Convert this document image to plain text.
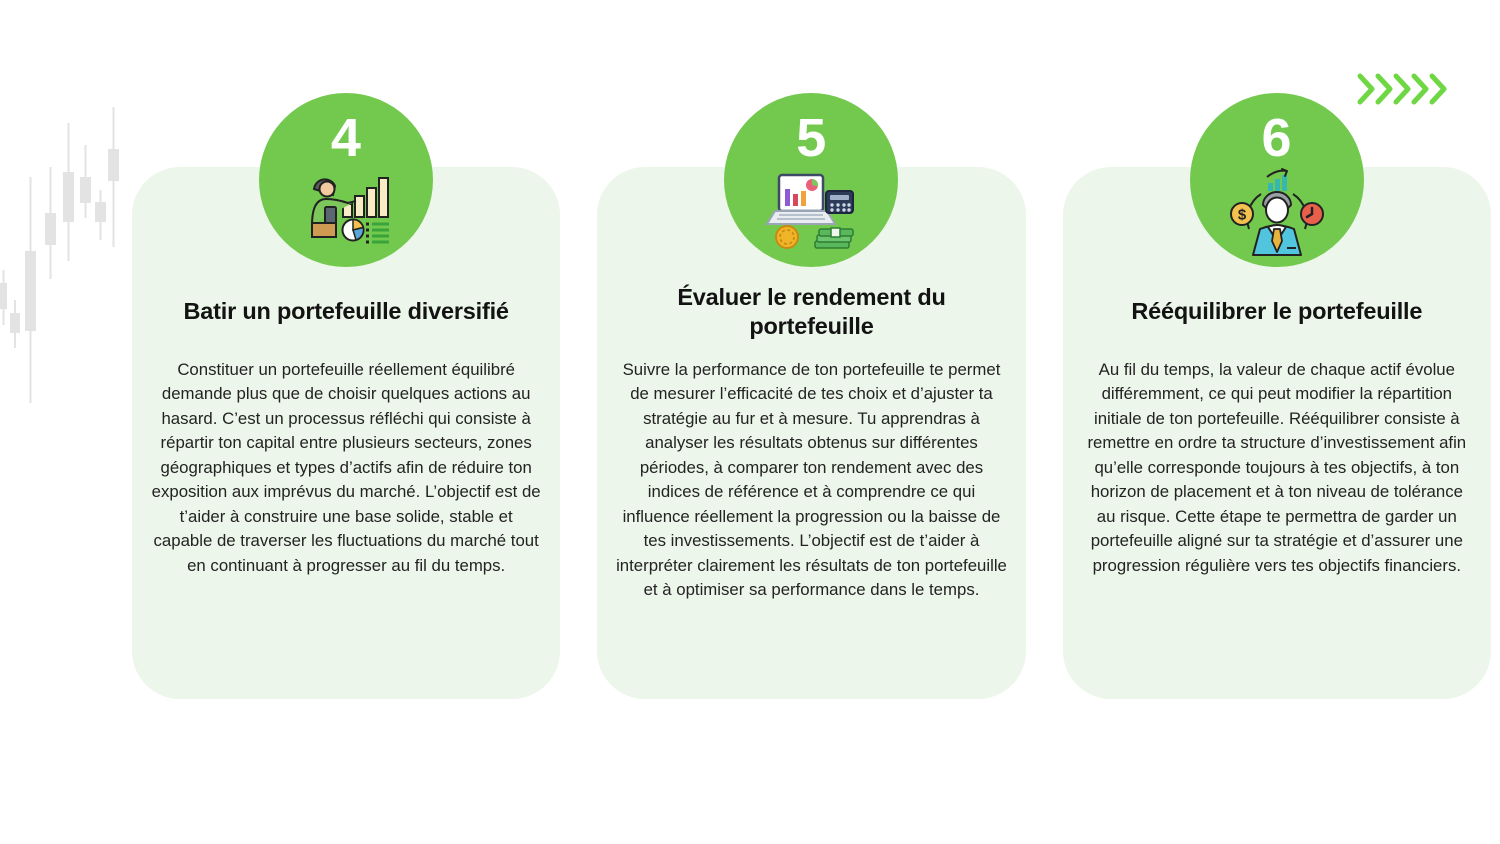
4
Batir un portefeuille diversifié

Constituer un portefeuille réellement équilibré demande plus que de choisir quelques actions au hasard. C’est un processus réfléchi qui consiste à répartir ton capital entre plusieurs secteurs, zones géographiques et types d’actifs afin de réduire ton exposition aux imprévus du marché. L’objectif est de t’aider à construire une base solide, stable et capable de traverser les fluctuations du marché tout en continuant à progresser au fil du temps.

5
Évaluer le rendement du portefeuille

Suivre la performance de ton portefeuille te permet de mesurer l’efficacité de tes choix et d’ajuster ta stratégie au fur et à mesure. Tu apprendras à analyser les résultats obtenus sur différentes périodes, à comparer ton rendement avec des indices de référence et à comprendre ce qui influence réellement la progression ou la baisse de tes investissements. L’objectif est de t’aider à interpréter clairement les résultats de ton portefeuille et à optimiser sa performance dans le temps.

6
$
Rééquilibrer le portefeuille

Au fil du temps, la valeur de chaque actif évolue différemment, ce qui peut modifier la répartition initiale de ton portefeuille. Rééquilibrer consiste à remettre en ordre ta structure d’investissement afin qu’elle corresponde toujours à tes objectifs, à ton horizon de placement et à ton niveau de tolérance au risque. Cette étape te permettra de garder un portefeuille aligné sur ta stratégie et d’assurer une progression régulière vers tes objectifs financiers.
